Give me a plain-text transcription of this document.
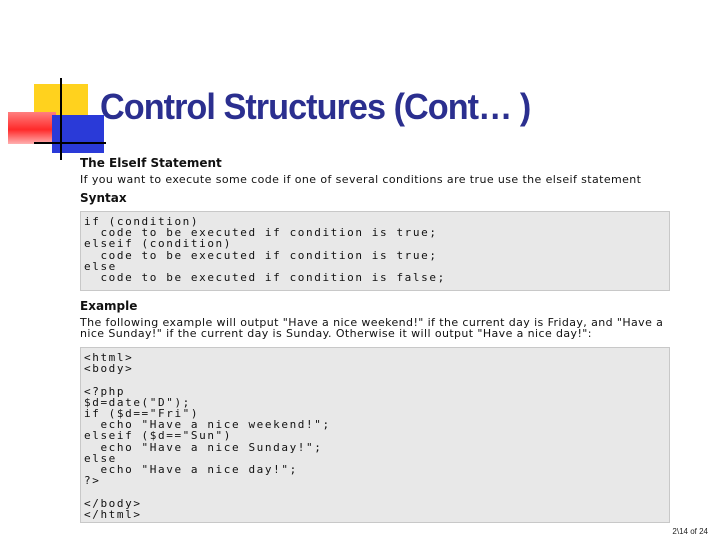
Control Structures (Cont… )

The ElseIf Statement

If you want to execute some code if one of several conditions are true use the elseif statement

Syntax

if (condition)
code to be executed if condition is true;
elseif (condition)
code to be executed if condition is true;
else
code to be executed if condition is false;

Example

The following example will output "Have a nice weekend!" if the current day is Friday, and "Have a nice Sunday!" if the current day is Sunday. Otherwise it will output "Have a nice day!":

<html>
<body>

<?php
$d=date("D");
if ($d=="Fri")
echo "Have a nice weekend!";
elseif ($d=="Sun")
echo "Have a nice Sunday!";
else
echo "Have a nice day!";
?>

</body>
</html>
2\14 of 24
